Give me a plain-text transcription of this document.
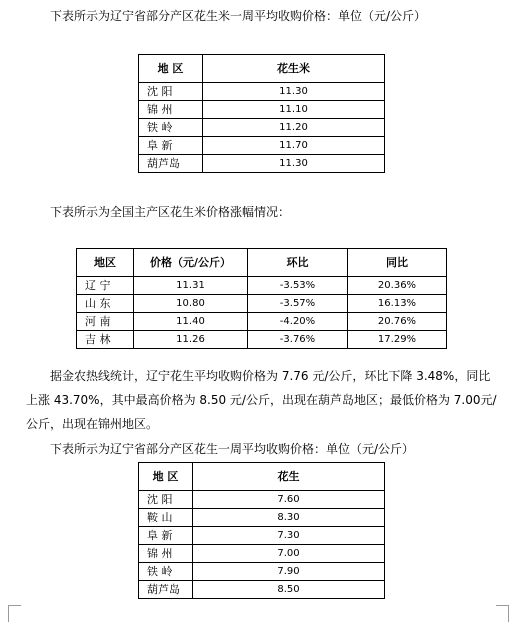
下表所示为辽宁省部分产区花生米一周平均收购价格：单位（元/公斤）

地 区	花生米
沈 阳	11.30
锦 州	11.10
铁 岭	11.20
阜 新	11.70
葫芦岛	11.30

下表所示为全国主产区花生米价格涨幅情况：

地区	价格（元/公斤）	环比	同比
辽 宁	11.31	-3.53%	20.36%
山 东	10.80	-3.57%	16.13%
河 南	11.40	-4.20%	20.76%
吉 林	11.26	-3.76%	17.29%

据金农热线统计，辽宁花生平均收购价格为 7.76 元/公斤，环比下降 3.48%，同比上涨 43.70%，其中最高价格为 8.50 元/公斤，出现在葫芦岛地区；最低价格为 7.00元/公斤，出现在锦州地区。

下表所示为辽宁省部分产区花生一周平均收购价格：单位（元/公斤）

地 区	花生
沈 阳	7.60
鞍 山	8.30
阜 新	7.30
锦 州	7.00
铁 岭	7.90
葫芦岛	8.50
